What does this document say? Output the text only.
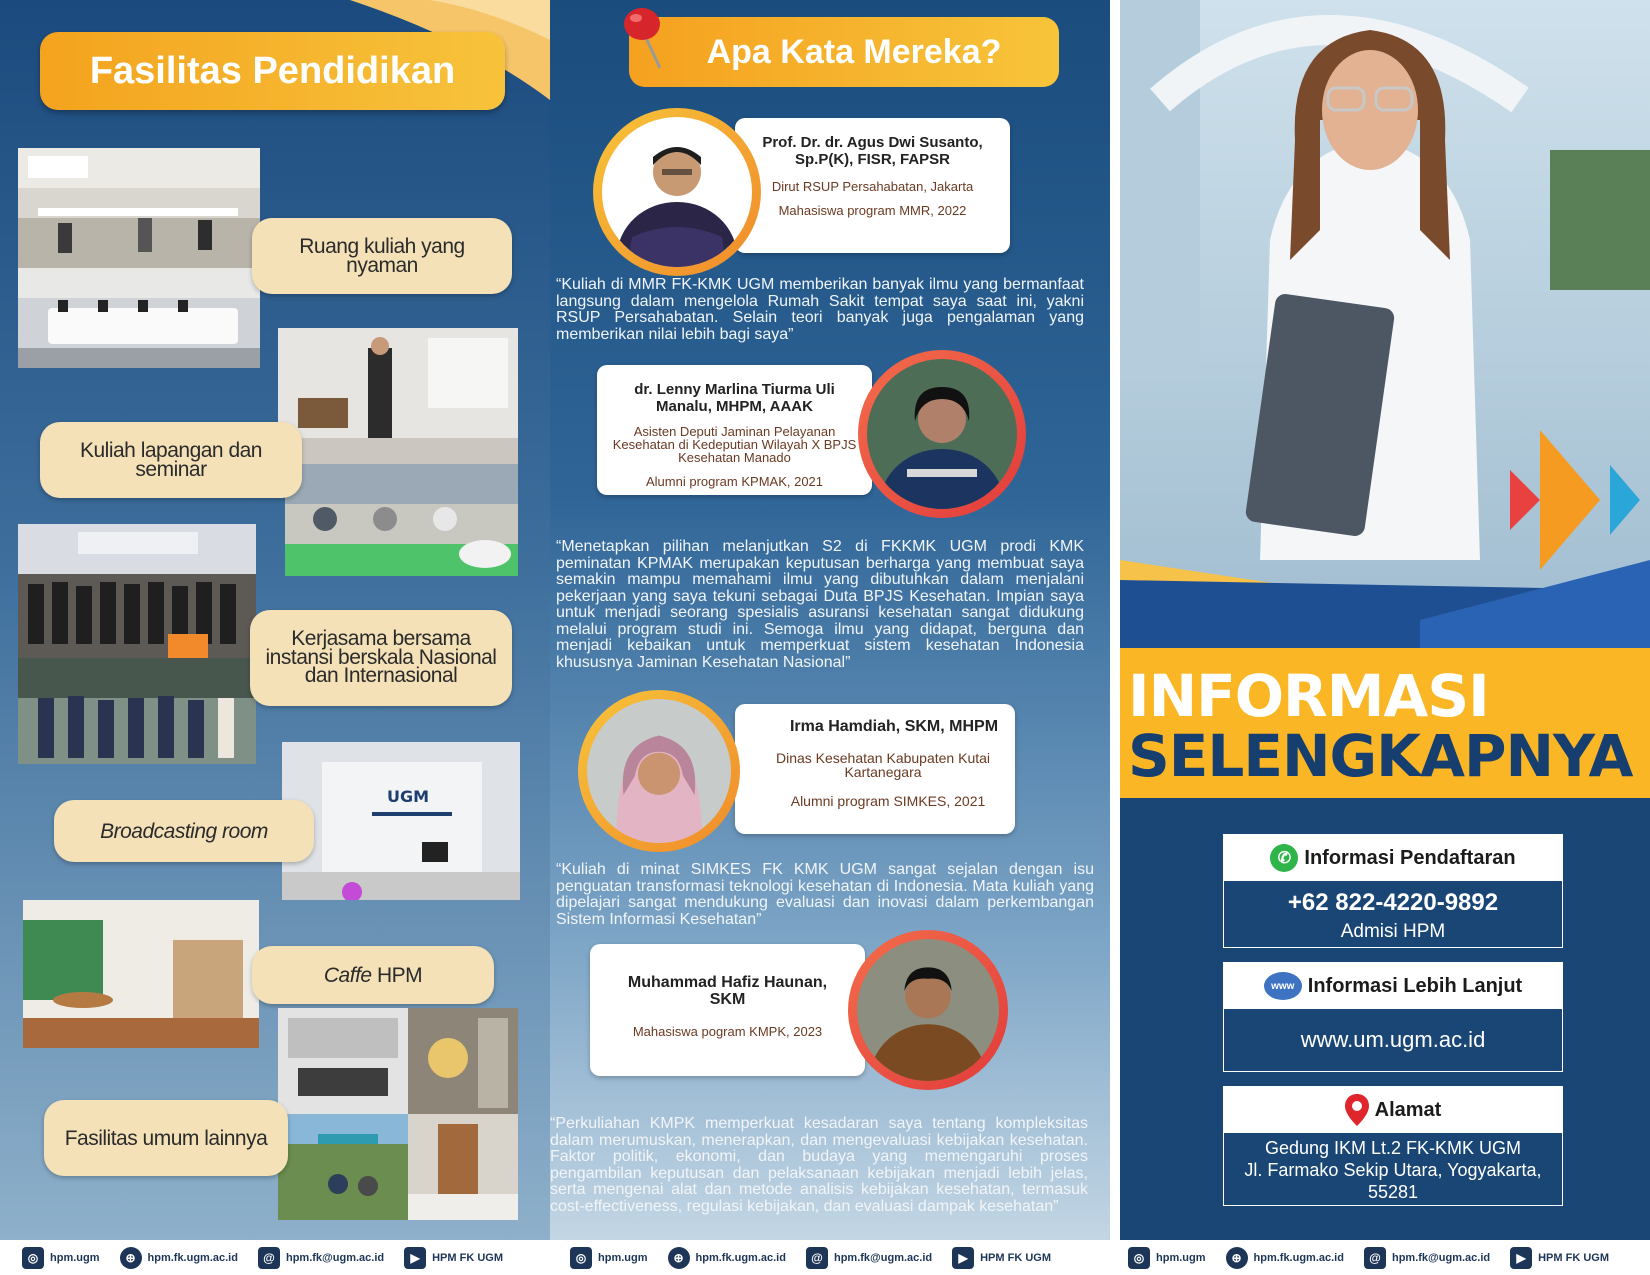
Fasilitas Pendidikan
Ruang kuliah yang nyaman
Kuliah lapangan dan seminar
Kerjasama bersama instansi berskala Nasional dan Internasional
UGM
Broadcasting room
Caffe
HPM
Fasilitas umum lainnya
Apa Kata Mereka?
Prof. Dr. dr. Agus Dwi Susanto, Sp.P(K), FISR, FAPSR
Dirut RSUP Persahabatan, Jakarta
Mahasiswa program MMR, 2022
“Kuliah di MMR FK-KMK UGM memberikan banyak ilmu yang bermanfaat langsung dalam mengelola Rumah Sakit tempat saya saat ini, yakni RSUP Persahabatan. Selain teori banyak juga pengalaman yang memberikan nilai lebih bagi saya”
dr. Lenny Marlina Tiurma Uli Manalu, MHPM, AAAK
Asisten Deputi Jaminan Pelayanan Kesehatan di Kedeputian Wilayah X BPJS Kesehatan Manado
Alumni program KPMAK, 2021
“Menetapkan pilihan melanjutkan S2 di FKKMK UGM prodi KMK peminatan KPMAK merupakan keputusan berharga yang membuat saya semakin mampu memahami ilmu yang dibutuhkan dalam menjalani pekerjaan yang saya tekuni sebagai Duta BPJS Kesehatan. Impian saya untuk menjadi seorang spesialis asuransi kesehatan sangat didukung melalui program studi ini. Semoga ilmu yang didapat, berguna dan menjadi kebaikan untuk memperkuat sistem kesehatan Indonesia khususnya Jaminan Kesehatan Nasional”
Irma Hamdiah, SKM, MHPM
Dinas Kesehatan Kabupaten Kutai Kartanegara
Alumni program SIMKES, 2021
“Kuliah di minat SIMKES FK KMK UGM sangat sejalan dengan isu penguatan transformasi teknologi kesehatan di Indonesia. Mata kuliah yang dipelajari sangat mendukung evaluasi dan inovasi dalam perkembangan Sistem Informasi Kesehatan”
Muhammad Hafiz Haunan, SKM
Mahasiswa pogram KMPK, 2023
“Perkuliahan KMPK memperkuat kesadaran saya tentang kompleksitas dalam merumuskan, menerapkan, dan mengevaluasi kebijakan kesehatan. Faktor politik, ekonomi, dan budaya yang memengaruhi proses pengambilan keputusan dan pelaksanaan kebijakan menjadi lebih jelas, serta mengenai alat dan metode analisis kebijakan kesehatan, termasuk cost-effectiveness, regulasi kebijakan, dan evaluasi dampak kesehatan”
INFORMASI
SELENGKAPNYA
✆ Informasi Pendaftaran
+62 822-4220-9892
Admisi HPM
www Informasi Lebih Lanjut
www.um.ugm.ac.id
Alamat
Gedung IKM Lt.2 FK-KMK UGM
Jl. Farmako Sekip Utara, Yogyakarta,
55281
◎	hpm.ugm	⊕	hpm.fk.ugm.ac.id	@	hpm.fk@ugm.ac.id	▶	HPM FK UGM	◎	hpm.ugm	⊕	hpm.fk.ugm.ac.id	@	hpm.fk@ugm.ac.id	▶	HPM FK UGM	◎	hpm.ugm	⊕	hpm.fk.ugm.ac.id	@	hpm.fk@ugm.ac.id	▶	HPM FK UGM
